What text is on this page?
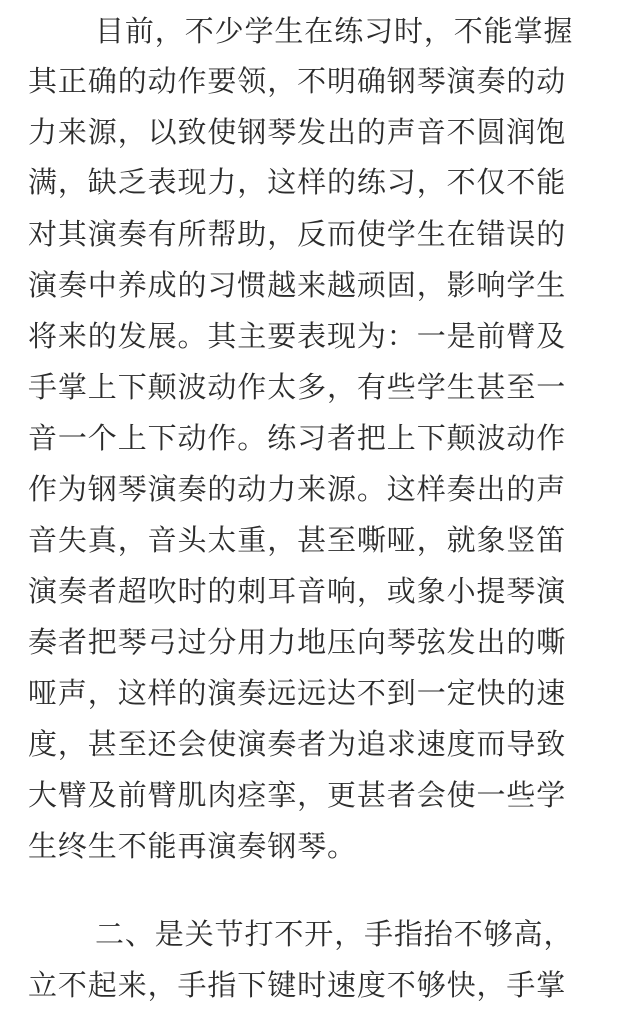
目前，不少学生在练习时，不能掌握
其正确的动作要领，不明确钢琴演奏的动
力来源，以致使钢琴发出的声音不圆润饱
满，缺乏表现力，这样的练习，不仅不能
对其演奏有所帮助，反而使学生在错误的
演奏中养成的习惯越来越顽固，影响学生
将来的发展。其主要表现为：一是前臂及
手掌上下颠波动作太多，有些学生甚至一
音一个上下动作。练习者把上下颠波动作
作为钢琴演奏的动力来源。这样奏出的声
音失真，音头太重，甚至嘶哑，就象竖笛
演奏者超吹时的刺耳音响，或象小提琴演
奏者把琴弓过分用力地压向琴弦发出的嘶
哑声，这样的演奏远远达不到一定快的速
度，甚至还会使演奏者为追求速度而导致
大臂及前臂肌肉痉挛，更甚者会使一些学
生终生不能再演奏钢琴。
二、是关节打不开，手指抬不够高，
立不起来，手指下键时速度不够快，手掌
